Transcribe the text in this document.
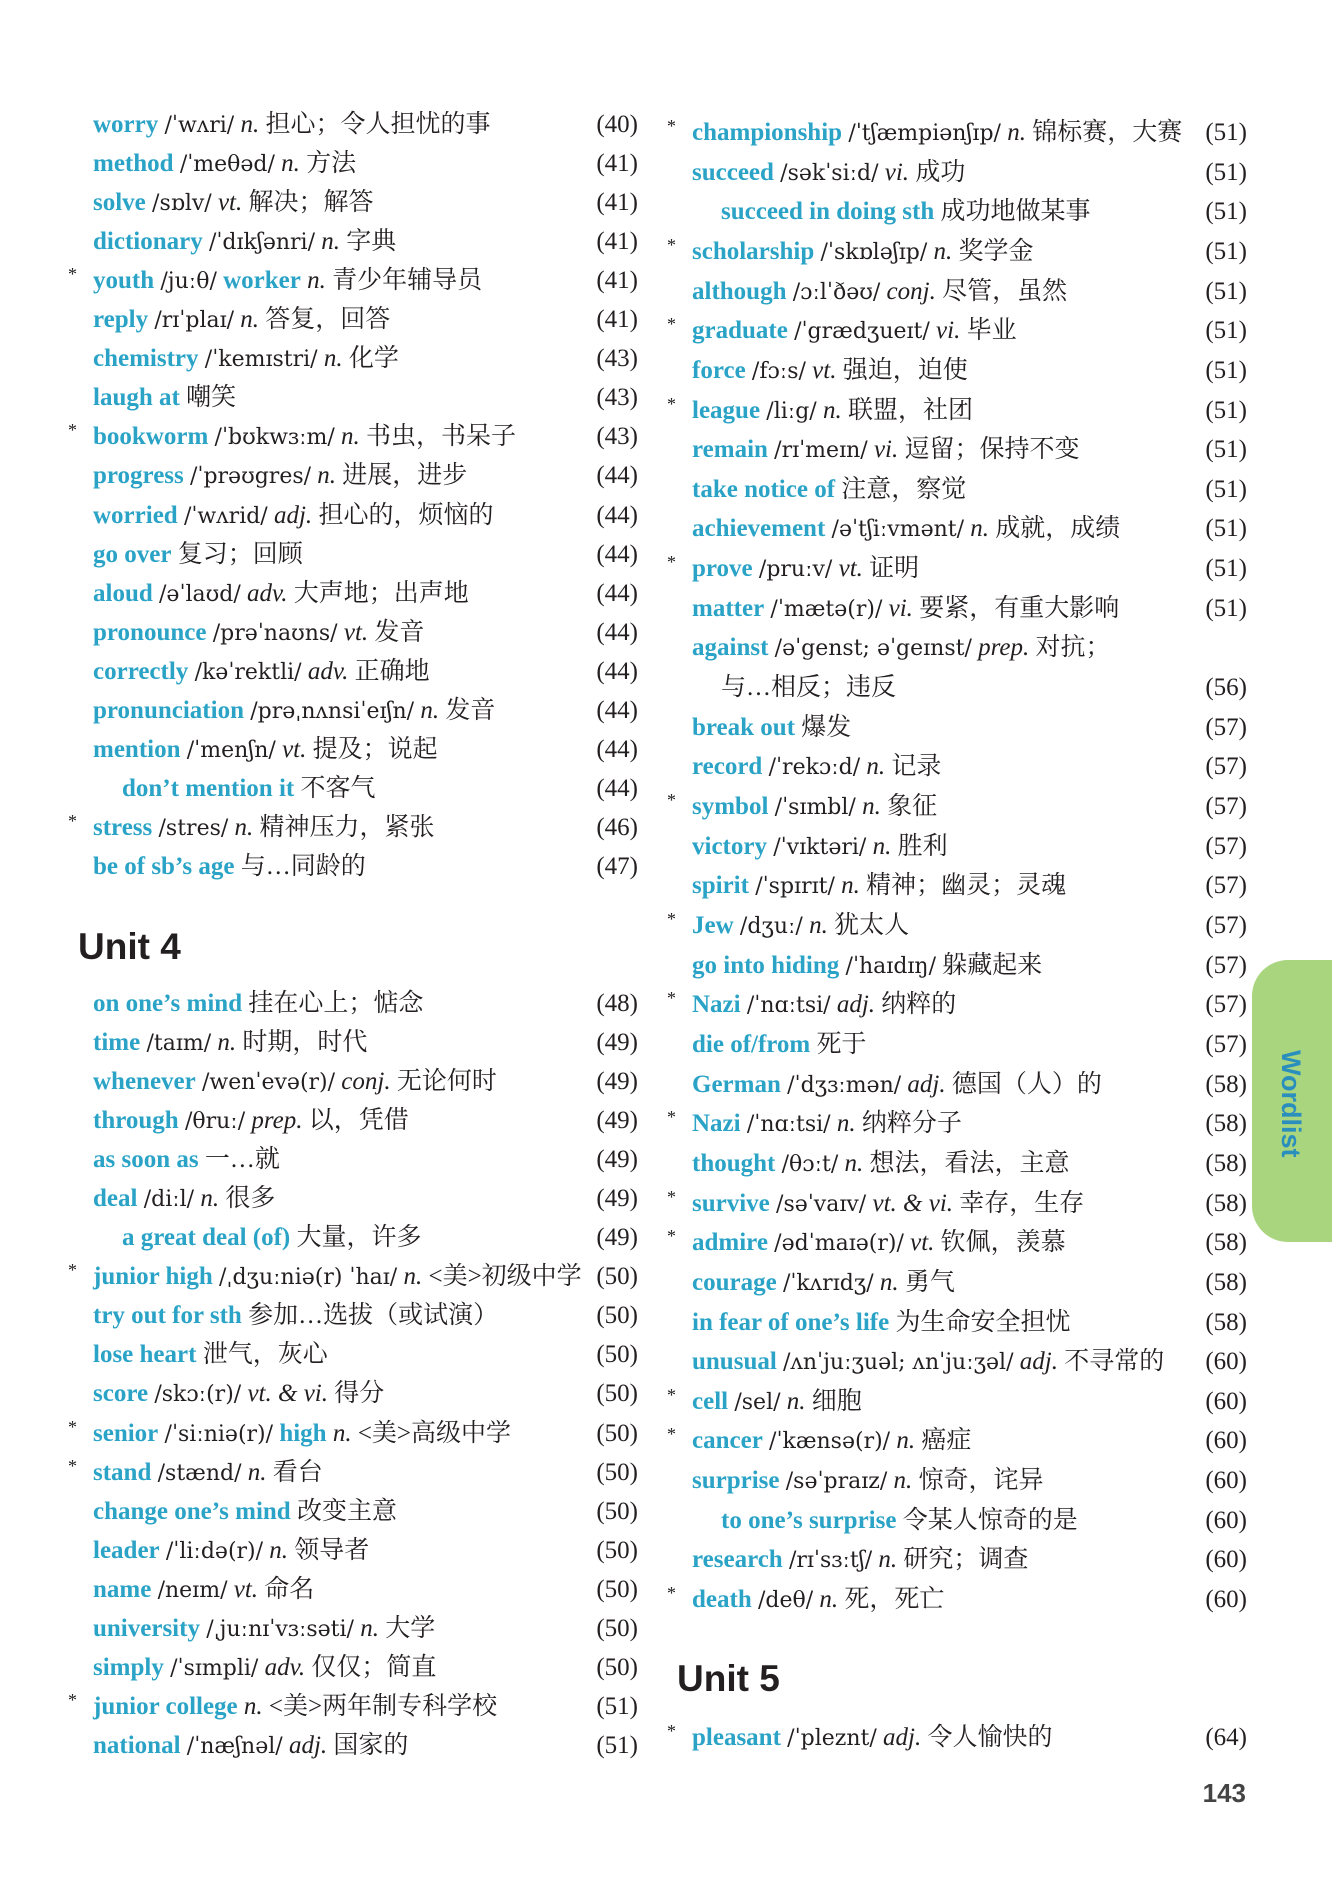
worry /ˈwʌri/ n. 担心；令人担忧的事	(40)
method /ˈmeθəd/ n. 方法	(41)
solve /sɒlv/ vt. 解决；解答	(41)
dictionary /ˈdɪkʃənri/ n. 字典	(41)
* youth /juːθ/ worker n. 青少年辅导员	(41)
reply /rɪˈplaɪ/ n. 答复，回答	(41)
chemistry /ˈkemɪstri/ n. 化学	(43)
laugh at 嘲笑	(43)
* bookworm /ˈbʊkwɜːm/ n. 书虫，书呆子	(43)
progress /ˈprəʊgres/ n. 进展，进步	(44)
worried /ˈwʌrid/ adj. 担心的，烦恼的	(44)
go over 复习；回顾	(44)
aloud /əˈlaʊd/ adv. 大声地；出声地	(44)
pronounce /prəˈnaʊns/ vt. 发音	(44)
correctly /kəˈrektli/ adv. 正确地	(44)
pronunciation /prəˌnʌnsiˈeɪʃn/ n. 发音	(44)
mention /ˈmenʃn/ vt. 提及；说起	(44)
don’t mention it 不客气	(44)
* stress /stres/ n. 精神压力，紧张	(46)
be of sb’s age 与…同龄的	(47)
Unit 4
on one’s mind 挂在心上；惦念	(48)
time /taɪm/ n. 时期，时代	(49)
whenever /wenˈevə(r)/ conj. 无论何时	(49)
through /θruː/ prep. 以，凭借	(49)
as soon as 一…就	(49)
deal /diːl/ n. 很多	(49)
a great deal (of) 大量，许多	(49)
* junior high /ˌdʒuːniə(r) ˈhaɪ/ n. <美>初级中学 (50)
try out for sth 参加…选拔（或试演）	(50)
lose heart 泄气，灰心	(50)
score /skɔː(r)/ vt. & vi. 得分	(50)
* senior /ˈsiːniə(r)/ high n. <美>高级中学	(50)
* stand /stænd/ n. 看台	(50)
change one’s mind 改变主意	(50)
leader /ˈliːdə(r)/ n. 领导者	(50)
name /neɪm/ vt. 命名	(50)
university /ˌjuːnɪˈvɜːsəti/ n. 大学	(50)
simply /ˈsɪmpli/ adv. 仅仅；简直	(50)
* junior college n. <美>两年制专科学校	(51)
national /ˈnæʃnəl/ adj. 国家的	(51)
* championship /ˈtʃæmpiənʃɪp/ n. 锦标赛，大赛 (51)
succeed /səkˈsiːd/ vi. 成功	(51)
succeed in doing sth 成功地做某事	(51)
* scholarship /ˈskɒləʃɪp/ n. 奖学金	(51)
although /ɔːlˈðəʊ/ conj. 尽管，虽然	(51)
* graduate /ˈgrædʒueɪt/ vi. 毕业	(51)
force /fɔːs/ vt. 强迫，迫使	(51)
* league /liːg/ n. 联盟，社团	(51)
remain /rɪˈmeɪn/ vi. 逗留；保持不变	(51)
take notice of 注意，察觉	(51)
achievement /əˈtʃiːvmənt/ n. 成就，成绩	(51)
* prove /pruːv/ vt. 证明	(51)
matter /ˈmætə(r)/ vi. 要紧，有重大影响	(51)
against /əˈgenst; əˈgeɪnst/ prep. 对抗；
与…相反；违反	(56)
break out 爆发	(57)
record /ˈrekɔːd/ n. 记录	(57)
* symbol /ˈsɪmbl/ n. 象征	(57)
victory /ˈvɪktəri/ n. 胜利	(57)
spirit /ˈspɪrɪt/ n. 精神；幽灵；灵魂	(57)
* Jew /dʒuː/ n. 犹太人	(57)
go into hiding /ˈhaɪdɪŋ/ 躲藏起来	(57)
* Nazi /ˈnɑːtsi/ adj. 纳粹的	(57)
die of/from 死于	(57)
German /ˈdʒɜːmən/ adj. 德国（人）的	(58)
* Nazi /ˈnɑːtsi/ n. 纳粹分子	(58)
thought /θɔːt/ n. 想法，看法，主意	(58)
* survive /səˈvaɪv/ vt. & vi. 幸存，生存	(58)
* admire /ədˈmaɪə(r)/ vt. 钦佩，羡慕	(58)
courage /ˈkʌrɪdʒ/ n. 勇气	(58)
in fear of one’s life 为生命安全担忧	(58)
unusual /ʌnˈjuːʒuəl; ʌnˈjuːʒəl/ adj. 不寻常的	(60)
* cell /sel/ n. 细胞	(60)
* cancer /ˈkænsə(r)/ n. 癌症	(60)
surprise /səˈpraɪz/ n. 惊奇，诧异	(60)
to one’s surprise 令某人惊奇的是	(60)
research /rɪˈsɜːtʃ/ n. 研究；调查	(60)
* death /deθ/ n. 死，死亡	(60)
Unit 5
* pleasant /ˈpleznt/ adj. 令人愉快的	(64)
Wordlist
143
